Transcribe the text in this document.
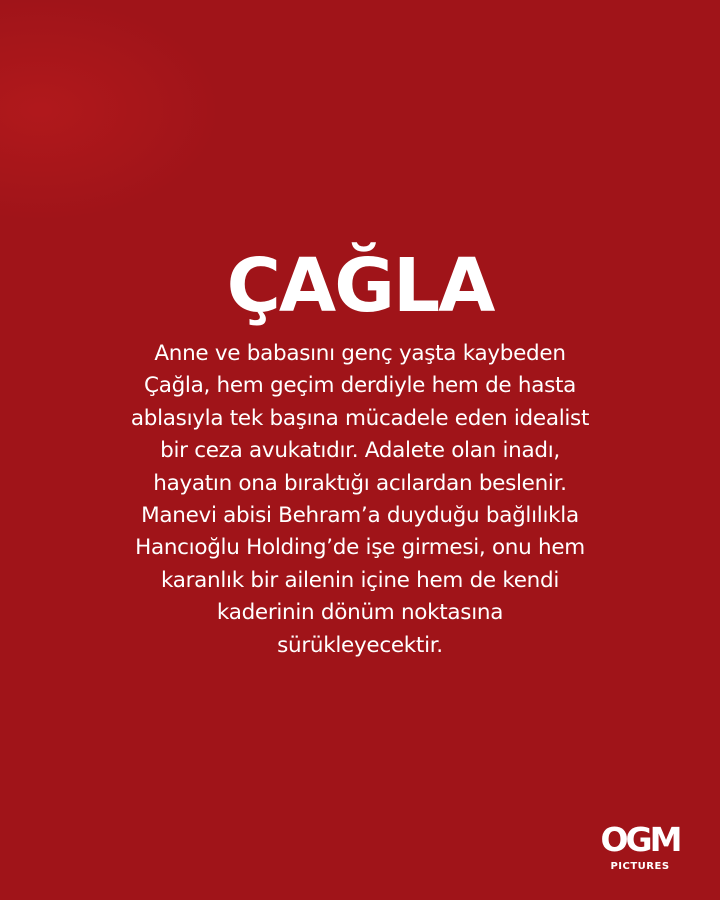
ÇAĞLA

Anne ve babasını genç yaşta kaybeden
Çağla, hem geçim derdiyle hem de hasta
ablasıyla tek başına mücadele eden idealist
bir ceza avukatıdır. Adalete olan inadı,
hayatın ona bıraktığı acılardan beslenir.
Manevi abisi Behram’a duyduğu bağlılıkla
Hancıoğlu Holding’de işe girmesi, onu hem
karanlık bir ailenin içine hem de kendi
kaderinin dönüm noktasına
sürükleyecektir.

OGM
PICTURES
